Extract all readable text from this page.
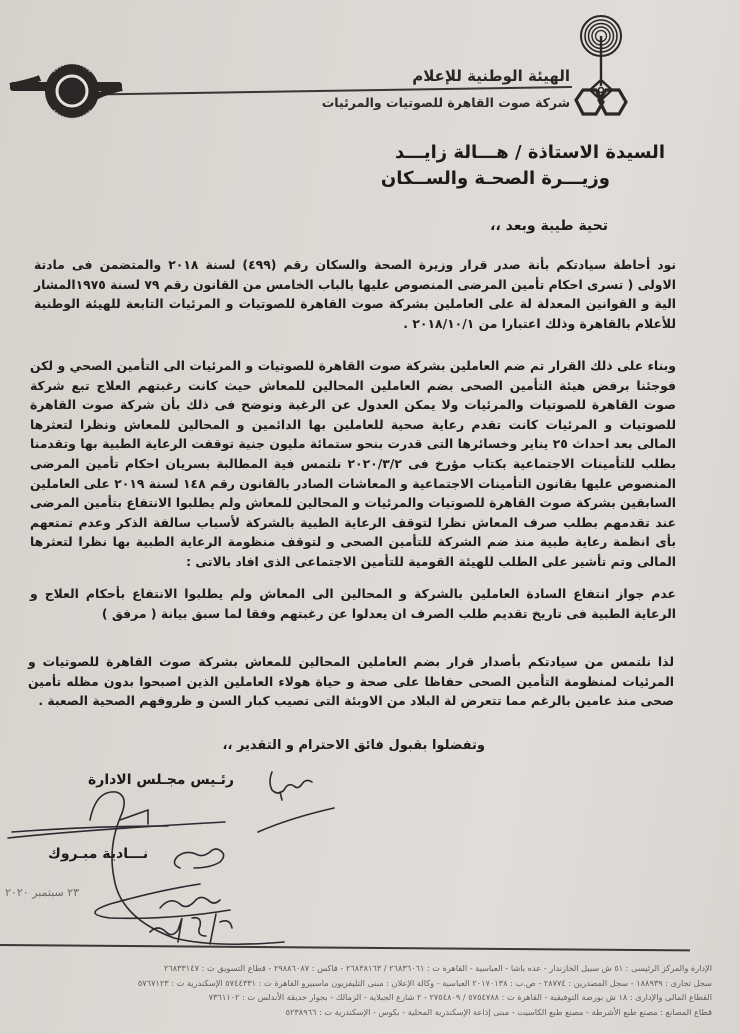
الهيئة الوطنية للإعلام
شركة صوت القاهرة للصوتيات والمرئيات
السيدة الاستاذة / هـــالة زايـــد
وزيـــرة الصحـة والســكان
تحية طيبة وبعد ،،

نود أحاطة سيادتكم بأنة صدر قرار وزيرة الصحة والسكان رقم (٤٩٩) لسنة ٢٠١٨ والمتضمن فى مادتة الاولى ( تسرى احكام تأمين المرضى المنصوص عليها بالباب الخامس من القانون رقم ٧٩ لسنة ١٩٧٥المشار الية و القوانين المعدلة لة على العاملين بشركة صوت القاهرة للصوتيات و المرئيات التابعة للهيئة الوطنية للأعلام بالقاهرة وذلك اعتبارا من ٢٠١٨/١٠/١ .

وبناء على ذلك القرار تم ضم العاملين بشركة صوت القاهرة للصوتيات و المرئيات الى التأمين الصحي و لكن فوجئنا برفض هيئة التأمين الصحى بضم العاملين المحالين للمعاش حيث كانت رغبتهم العلاج تبع شركة صوت القاهرة للصوتيات والمرئيات ولا يمكن العدول عن الرغبة ونوضح فى ذلك بأن شركة صوت القاهرة للصوتيات و المرئيات كانت تقدم رعاية صحية للعاملين بها الدائمين و المحالين للمعاش ونظرا لتعثرها المالى بعد احداث ٢٥ يناير وخسائرها التى قدرت بنحو ستمائة مليون جنية توقفت الرعاية الطبية بها وتقدمنا بطلب للتأمينات الاجتماعية بكتاب مؤرخ فى ٢٠٢٠/٣/٢ نلتمس فية المطالبة بسريان احكام تأمين المرضى المنصوص عليها بقانون التأمينات الاجتماعية و المعاشات الصادر بالقانون رقم ١٤٨ لسنة ٢٠١٩ على العاملين السابقين بشركة صوت القاهرة للصوتيات والمرئيات و المحالين للمعاش ولم يطلبوا الانتفاع بتأمين المرضى عند تقدمهم بطلب صرف المعاش نظرا لتوقف الرعاية الطبية بالشركة لأسباب سالفة الذكر وعدم تمتعهم بأى انظمة رعاية طبية منذ ضم الشركة للتأمين الصحى و لتوقف منظومة الرعاية الطبية بها نظرا لتعثرها المالى وتم تأشير على الطلب للهيئة القومية للتأمين الاجتماعى الذى افاد بالاتى :

عدم جواز انتفاع السادة العاملين بالشركة و المحالين الى المعاش ولم يطلبوا الانتفاع بأحكام العلاج و الرعاية الطبية فى تاريخ تقديم طلب الصرف ان يعدلوا عن رغبتهم وفقا لما سبق بيانة ( مرفق )

لذا نلتمس من سيادتكم بأصدار قرار بضم العاملين المحالين للمعاش بشركة صوت القاهرة للصوتيات و المرئيات لمنظومة التأمين الصحى حفاظا على صحة و حياة هولاء العاملين الذين اصبحوا بدون مظله تأمين صحى منذ عامين بالرغم مما تتعرض لة البلاد من الاوبئة التى تصيب كبار السن و ظروفهم الصحية الصعبة .

وتفضلوا بقبول فائق الاحترام و التقدير ،،
رئـيس مجـلس الادارة
نـــادية مبـروك
٢٣ سبتمبر ٢٠٢٠
الإدارة والمركز الرئيسى : ٥١ ش سبيل الخازندار - عده باشا - العباسية - القاهرة ت : ٢٦٨٣٦٠٦١ / ٢٦٨٣٨١٦٣ - فاكس : ٢٩٨٨٦٠٨٧ - قطاع التسويق ت : ٢٦٨٣٣١٤٧
سجل تجارى : ١٨٨٩٣٩ - سجل المصدرين : ٢٨٧٧٤ - ص.ب : ٢٠١٧٠١٣٨ العباسية - وكالة الإعلان : مبنى التليفزيون ماسبيرو القاهرة ت : ٥٧٤٤٣٣١ الإسكندرية ت : ٥٧٦٧١٢٣
القطاع المالى والإدارى : ١٨ ش بورصة التوفيقية - القاهرة ت : ٥٧٥٤٧٨٨ / ٢٧٥٤٨٠٩ - ٢ شارع الجبلاية - الزمالك - بجوار حديقة الأندلس ت : ٧٣٦١١٠٢
قطاع المصانع : مصنع طبع الأشرطة - مصنع طبع الكاسيت - مبنى إذاعة الإسكندرية المحلية - بكوس - الإسكندرية ت : ٥٢٣٨٩٦٦
